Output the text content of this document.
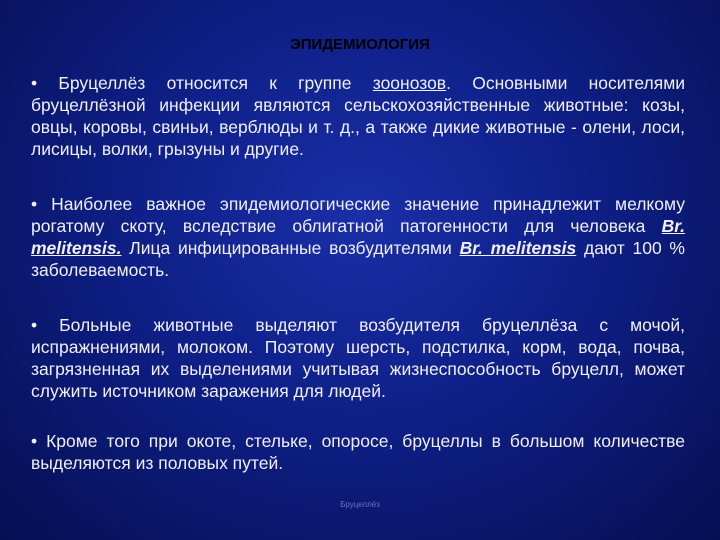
ЭПИДЕМИОЛОГИЯ

• Бруцеллёз относится к группе зоонозов. Основными носителями бруцеллёзной инфекции являются сельскохозяйственные животные: козы, овцы, коровы, свиньи, верблюды и т. д., а также дикие животные - олени, лоси, лисицы, волки, грызуны и другие.

• Наиболее важное эпидемиологические значение принадлежит мелкому рогатому скоту, вследствие облигатной патогенности для человека Br. melitensis. Лица инфицированные возбудителями Br. melitensis дают 100 % заболеваемость.

• Больные животные выделяют возбудителя бруцеллёза с мочой, испражнениями, молоком. Поэтому шерсть, подстилка, корм, вода, почва, загрязненная их выделениями учитывая жизнеспособность бруцелл, может служить источником заражения для людей.

• Кроме того при окоте, стельке, опоросе, бруцеллы в большом количестве выделяются из половых путей.

Бруцеллёз
